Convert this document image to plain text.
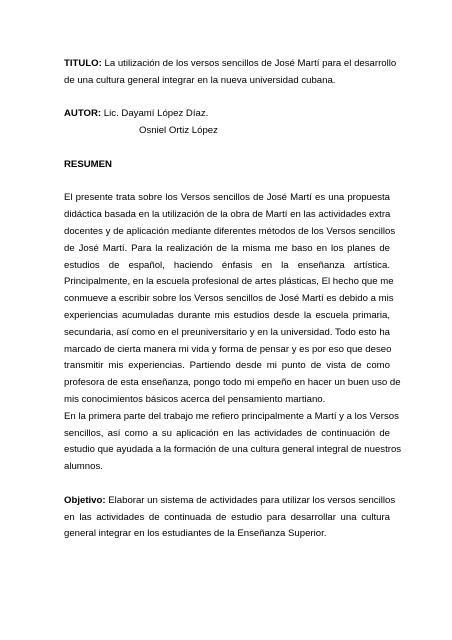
TITULO: La utilización de los versos sencillos de José Martí para el desarrollo
de una cultura general integrar en la nueva universidad cubana.
AUTOR: Lic. Dayamí López Díaz.
Osniel Ortiz López
RESUMEN
El presente trata sobre los Versos sencillos de José Martí es una propuesta
didáctica basada en la utilización de la obra de Martí en las actividades extra
docentes y de aplicación mediante diferentes métodos de los Versos sencillos
de José Martí. Para la realización de la misma me baso en los planes de
estudios de español, haciendo énfasis en la enseñanza artística.
Principalmente, en la escuela profesional de artes plásticas, El hecho que me
conmueve a escribir sobre los Versos sencillos de José Martí es debido a mis
experiencias acumuladas durante mis estudios desde la escuela primaria,
secundaria, así como en el preuniversitario y en la universidad. Todo esto ha
marcado de cierta manera mi vida y forma de pensar y es por eso que deseo
transmitir mis experiencias. Partiendo desde mi punto de vista de como
profesora de esta enseñanza, pongo todo mi empeño en hacer un buen uso de
mis conocimientos básicos acerca del pensamiento martiano.
En la primera parte del trabajo me refiero principalmente a Martí y a los Versos
sencillos, así como a su aplicación en las actividades de continuación de
estudio que ayudada a la formación de una cultura general integral de nuestros
alumnos.
Objetivo: Elaborar un sistema de actividades para utilizar los versos sencillos
en las actividades de continuada de estudio para desarrollar una cultura
general integrar en los estudiantes de la Enseñanza Superior.
